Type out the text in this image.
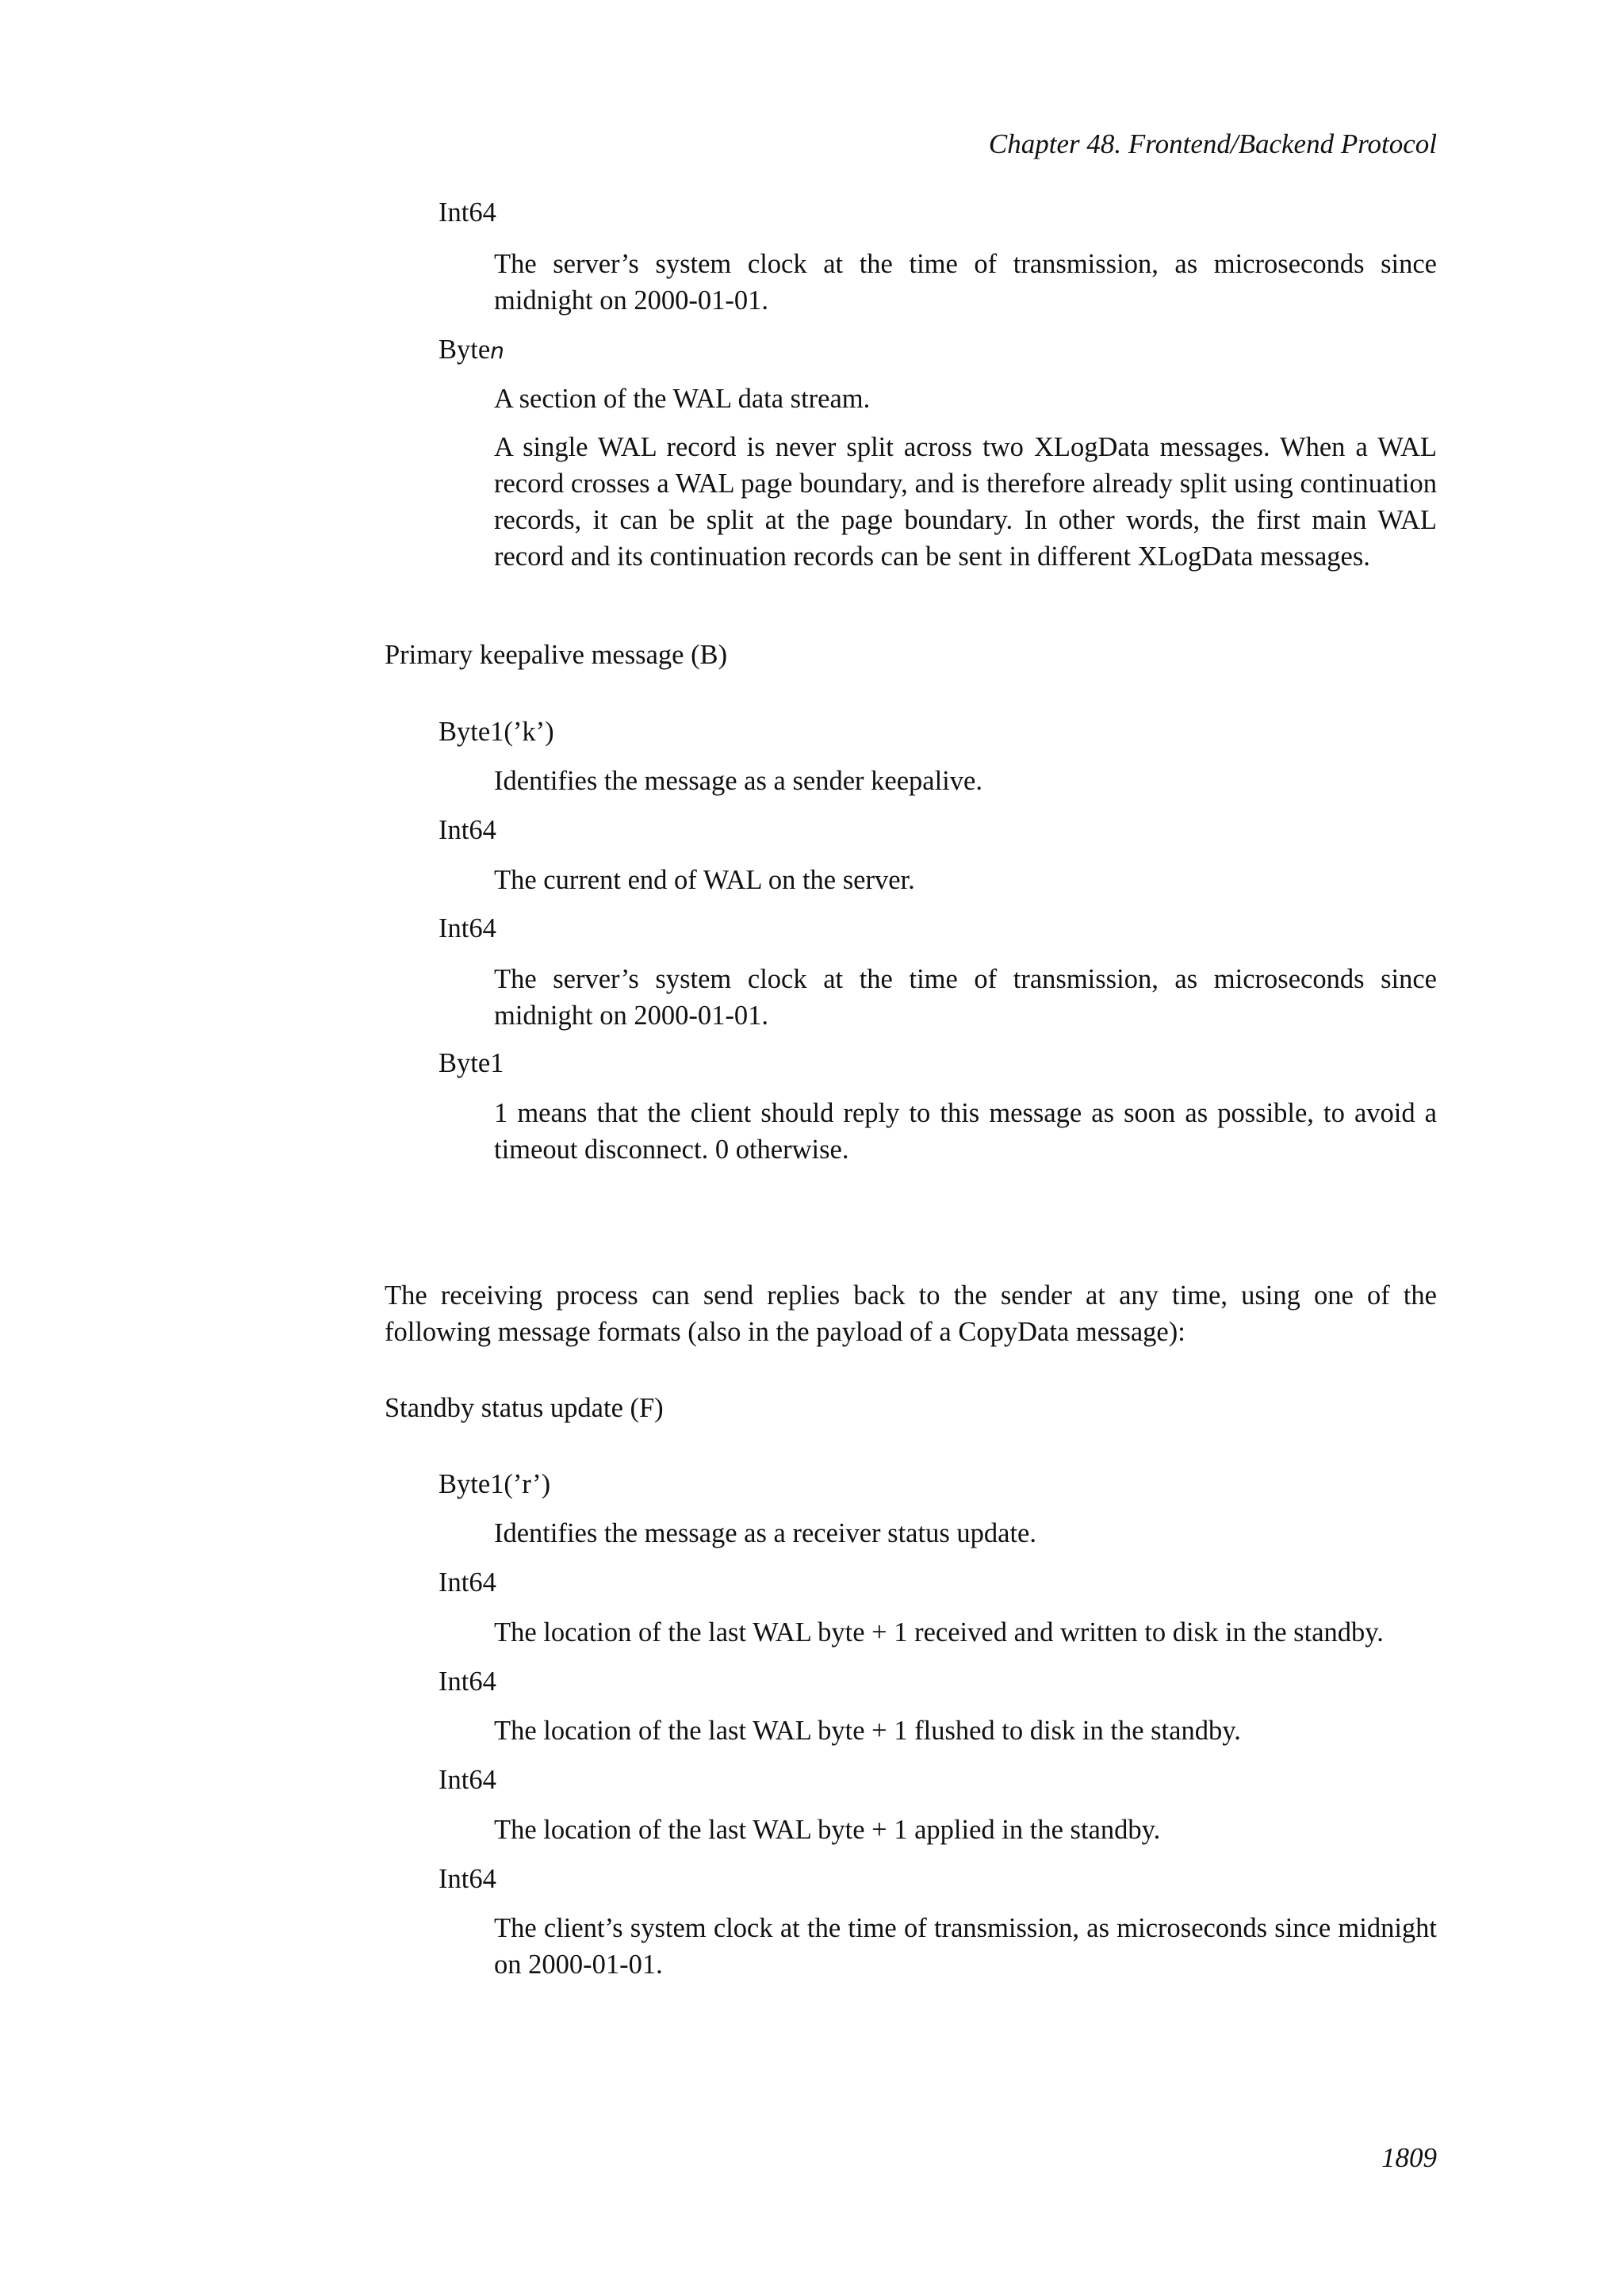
Chapter 48. Frontend/Backend Protocol
Int64
The server’s system clock at the time of transmission, as microseconds since midnight on 2000-01-01.
Byten
A section of the WAL data stream.
A single WAL record is never split across two XLogData messages. When a WAL record crosses a WAL page boundary, and is therefore already split using continuation records, it can be split at the page boundary. In other words, the first main WAL record and its continuation records can be sent in different XLogData messages.
Primary keepalive message (B)
Byte1(’k’)
Identifies the message as a sender keepalive.
Int64
The current end of WAL on the server.
Int64
The server’s system clock at the time of transmission, as microseconds since midnight on 2000-01-01.
Byte1
1 means that the client should reply to this message as soon as possible, to avoid a timeout disconnect. 0 otherwise.
The receiving process can send replies back to the sender at any time, using one of the following message formats (also in the payload of a CopyData message):
Standby status update (F)
Byte1(’r’)
Identifies the message as a receiver status update.
Int64
The location of the last WAL byte + 1 received and written to disk in the standby.
Int64
The location of the last WAL byte + 1 flushed to disk in the standby.
Int64
The location of the last WAL byte + 1 applied in the standby.
Int64
The client’s system clock at the time of transmission, as microseconds since midnight on 2000-01-01.
1809
